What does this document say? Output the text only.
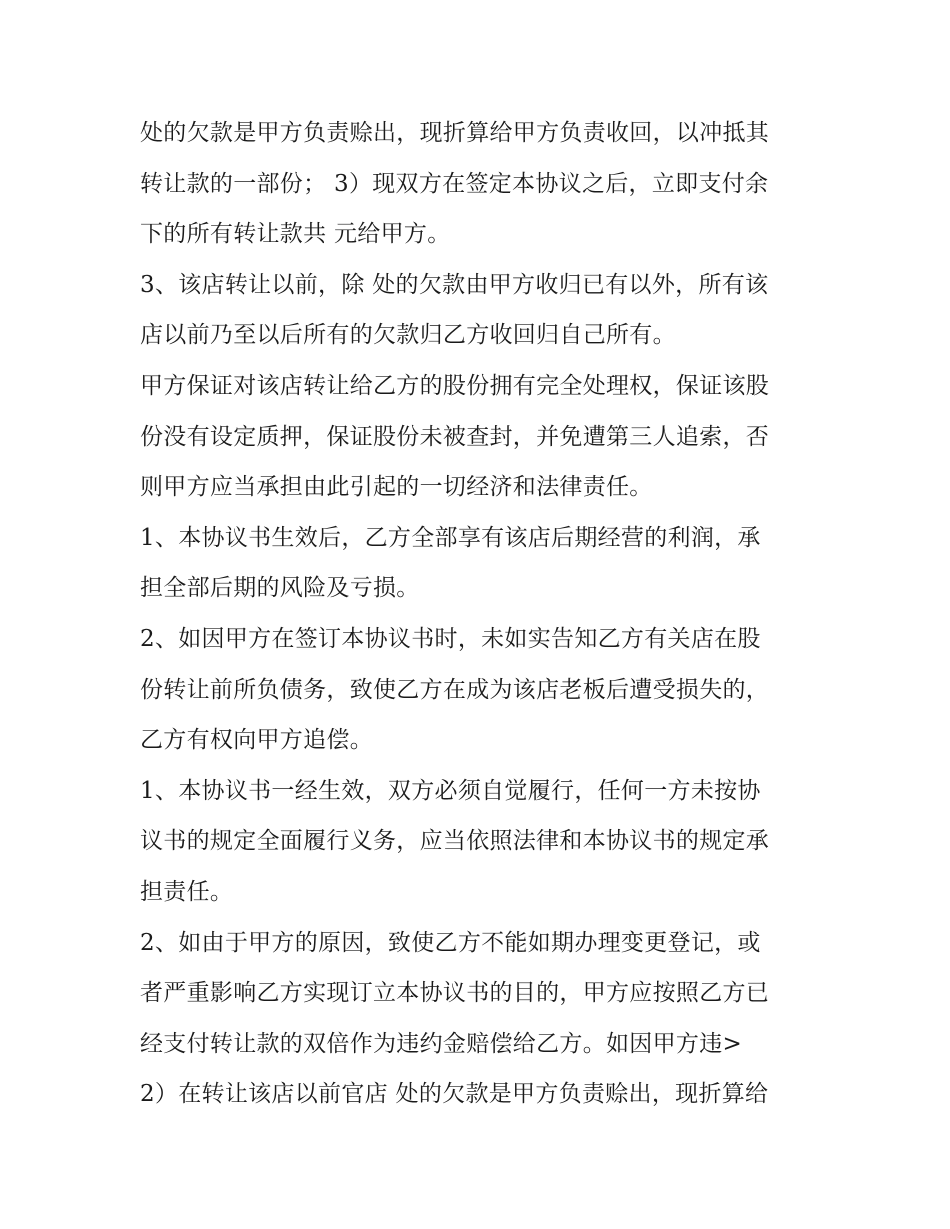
处的欠款是甲方负责赊出，现折算给甲方负责收回，以冲抵其
转让款的一部份； 3）现双方在签定本协议之后，立即支付余
下的所有转让款共 元给甲方。
3、该店转让以前，除 处的欠款由甲方收归已有以外，所有该
店以前乃至以后所有的欠款归乙方收回归自己所有。
甲方保证对该店转让给乙方的股份拥有完全处理权，保证该股
份没有设定质押，保证股份未被查封，并免遭第三人追索，否
则甲方应当承担由此引起的一切经济和法律责任。
1、本协议书生效后，乙方全部享有该店后期经营的利润，承
担全部后期的风险及亏损。
2、如因甲方在签订本协议书时，未如实告知乙方有关店在股
份转让前所负债务，致使乙方在成为该店老板后遭受损失的，
乙方有权向甲方追偿。
1、本协议书一经生效，双方必须自觉履行，任何一方未按协
议书的规定全面履行义务，应当依照法律和本协议书的规定承
担责任。
2、如由于甲方的原因，致使乙方不能如期办理变更登记，或
者严重影响乙方实现订立本协议书的目的，甲方应按照乙方已
经支付转让款的双倍作为违约金赔偿给乙方。如因甲方违>
2）在转让该店以前官店 处的欠款是甲方负责赊出，现折算给
